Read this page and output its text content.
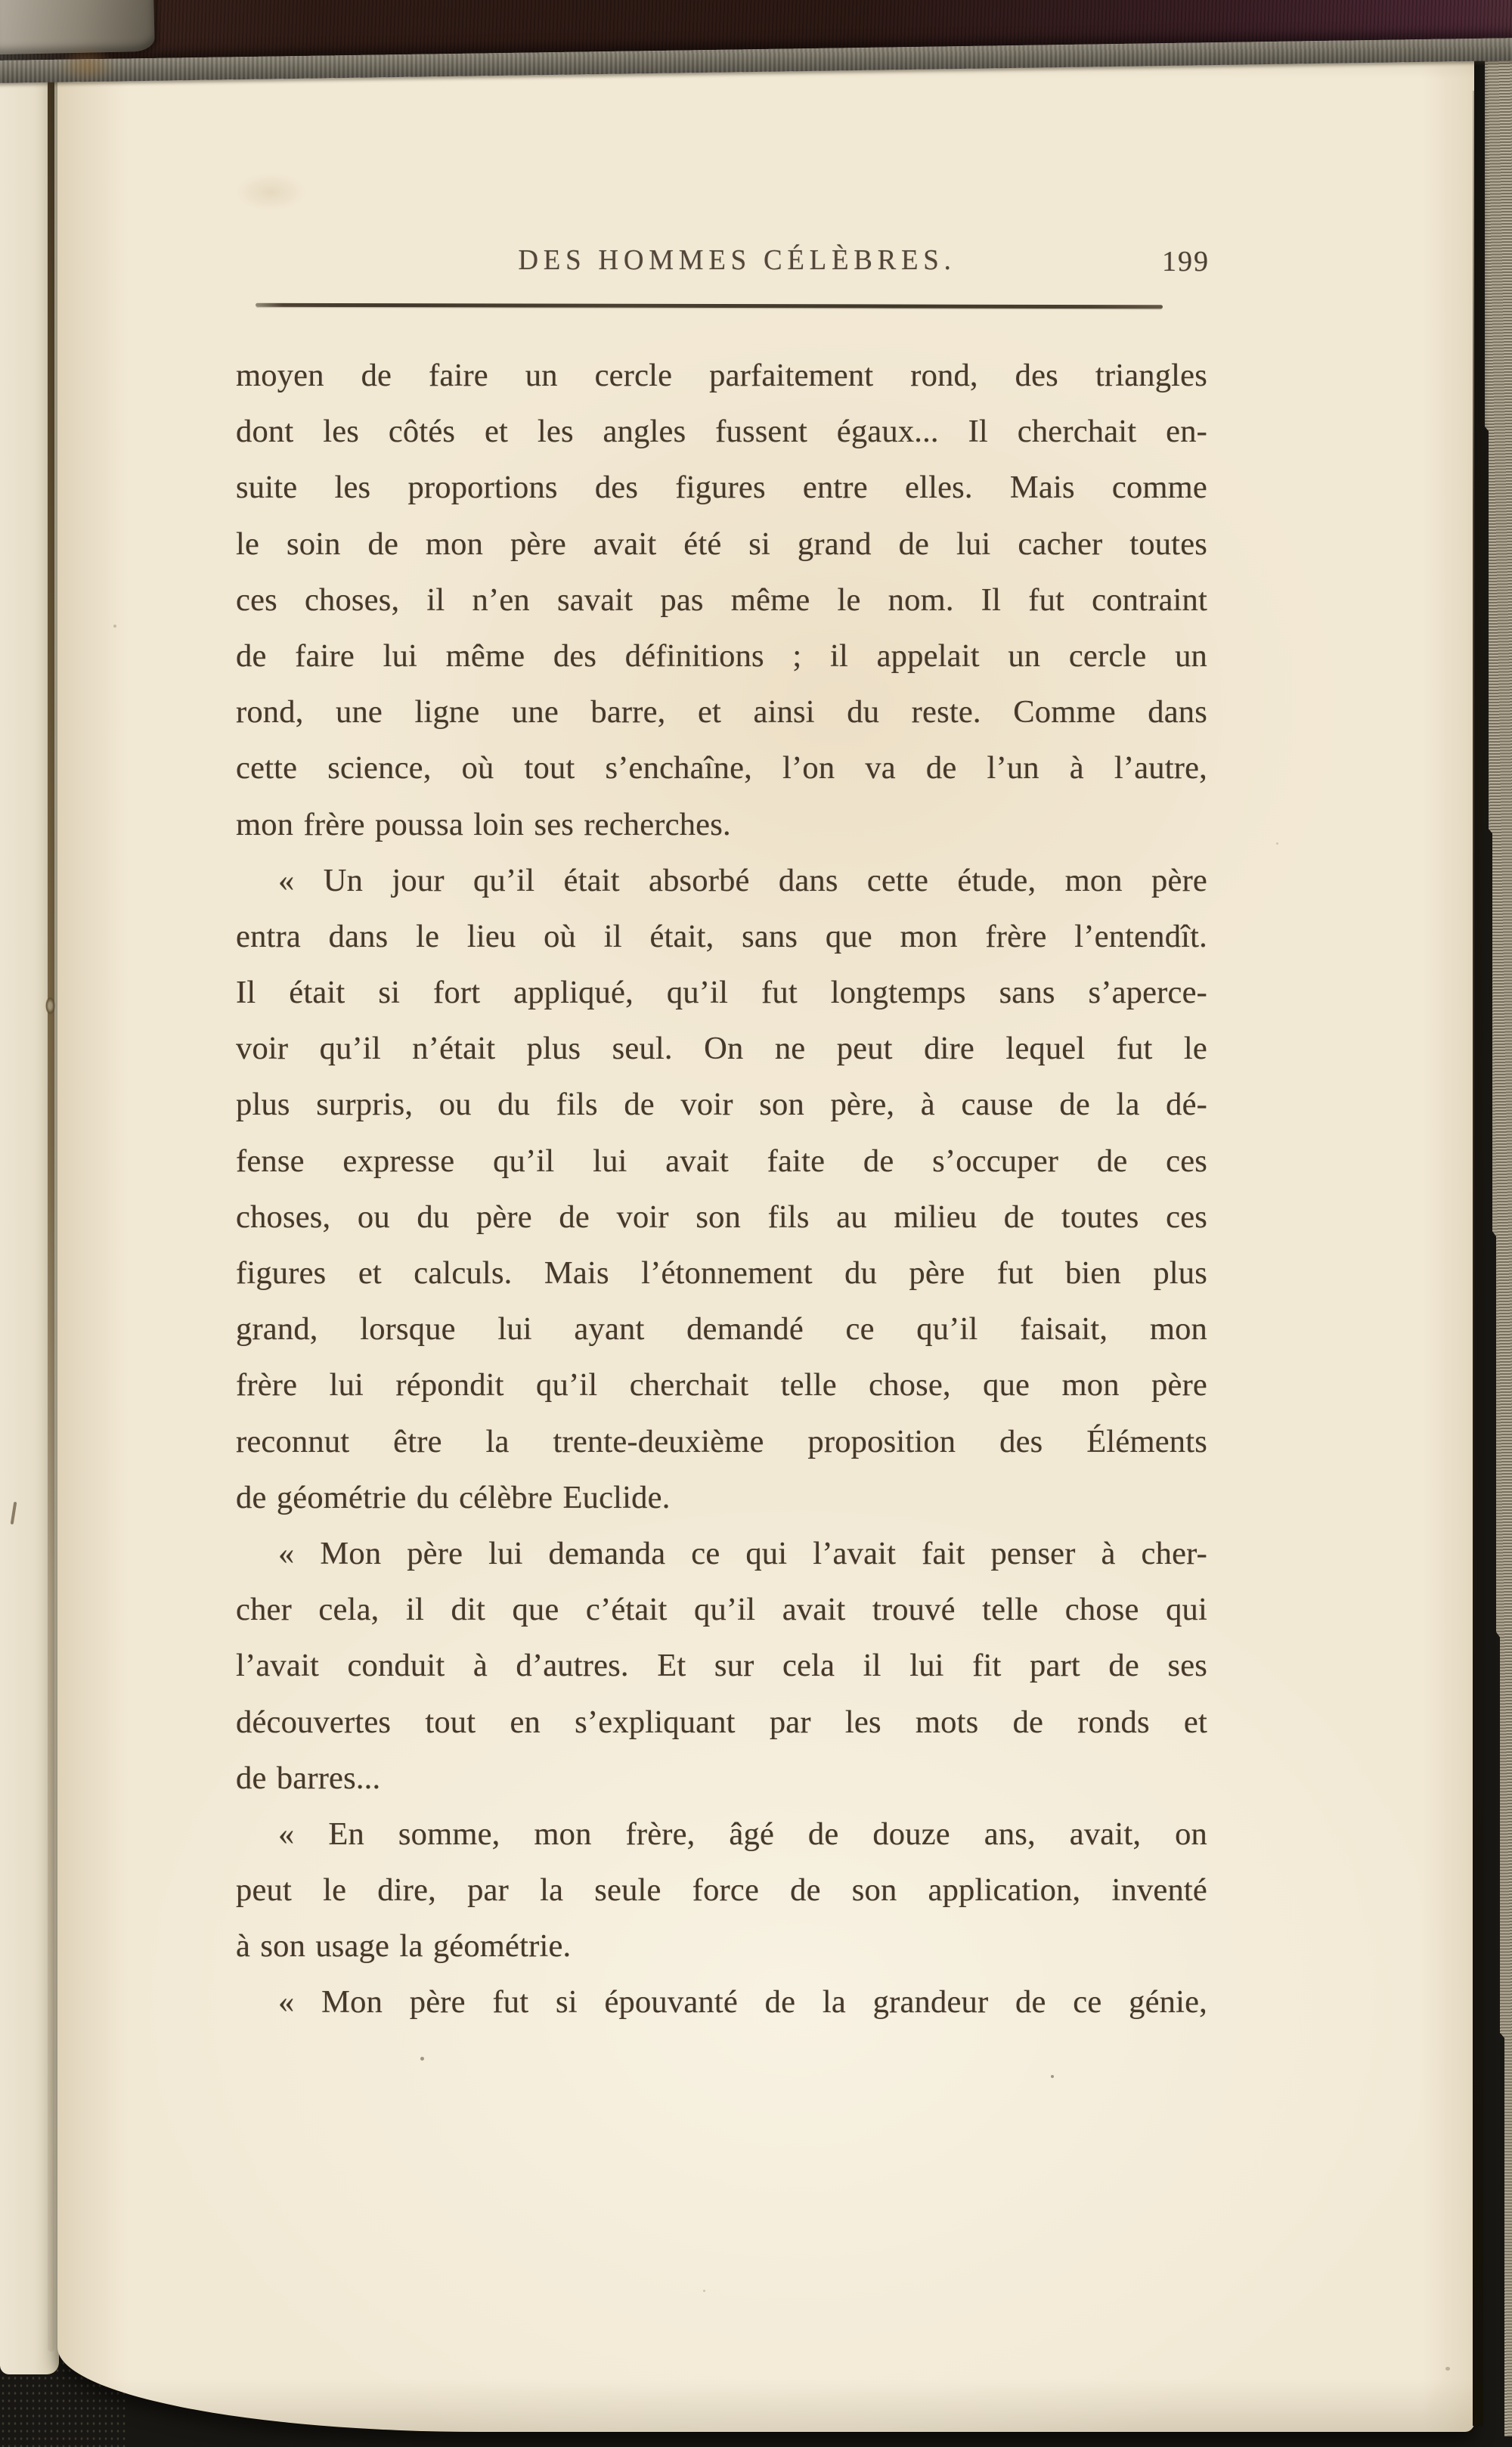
DES HOMMES CÉLÈBRES.	199
moyen de faire un cercle parfaitement rond, des triangles
dont les côtés et les angles fussent égaux... Il cherchait en-
suite les proportions des figures entre elles. Mais comme
le soin de mon père avait été si grand de lui cacher toutes
ces choses, il n’en savait pas même le nom. Il fut contraint
de faire lui même des définitions ; il appelait un cercle un
rond, une ligne une barre, et ainsi du reste. Comme dans
cette science, où tout s’enchaîne, l’on va de l’un à l’autre,
mon frère poussa loin ses recherches.
« Un jour qu’il était absorbé dans cette étude, mon père
entra dans le lieu où il était, sans que mon frère l’entendît.
Il était si fort appliqué, qu’il fut longtemps sans s’aperce-
voir qu’il n’était plus seul. On ne peut dire lequel fut le
plus surpris, ou du fils de voir son père, à cause de la dé-
fense expresse qu’il lui avait faite de s’occuper de ces
choses, ou du père de voir son fils au milieu de toutes ces
figures et calculs. Mais l’étonnement du père fut bien plus
grand, lorsque lui ayant demandé ce qu’il faisait, mon
frère lui répondit qu’il cherchait telle chose, que mon père
reconnut être la trente-deuxième proposition des Éléments
de géométrie du célèbre Euclide.
« Mon père lui demanda ce qui l’avait fait penser à cher-
cher cela, il dit que c’était qu’il avait trouvé telle chose qui
l’avait conduit à d’autres. Et sur cela il lui fit part de ses
découvertes tout en s’expliquant par les mots de ronds et
de barres...
« En somme, mon frère, âgé de douze ans, avait, on
peut le dire, par la seule force de son application, inventé
à son usage la géométrie.
« Mon père fut si épouvanté de la grandeur de ce génie,
